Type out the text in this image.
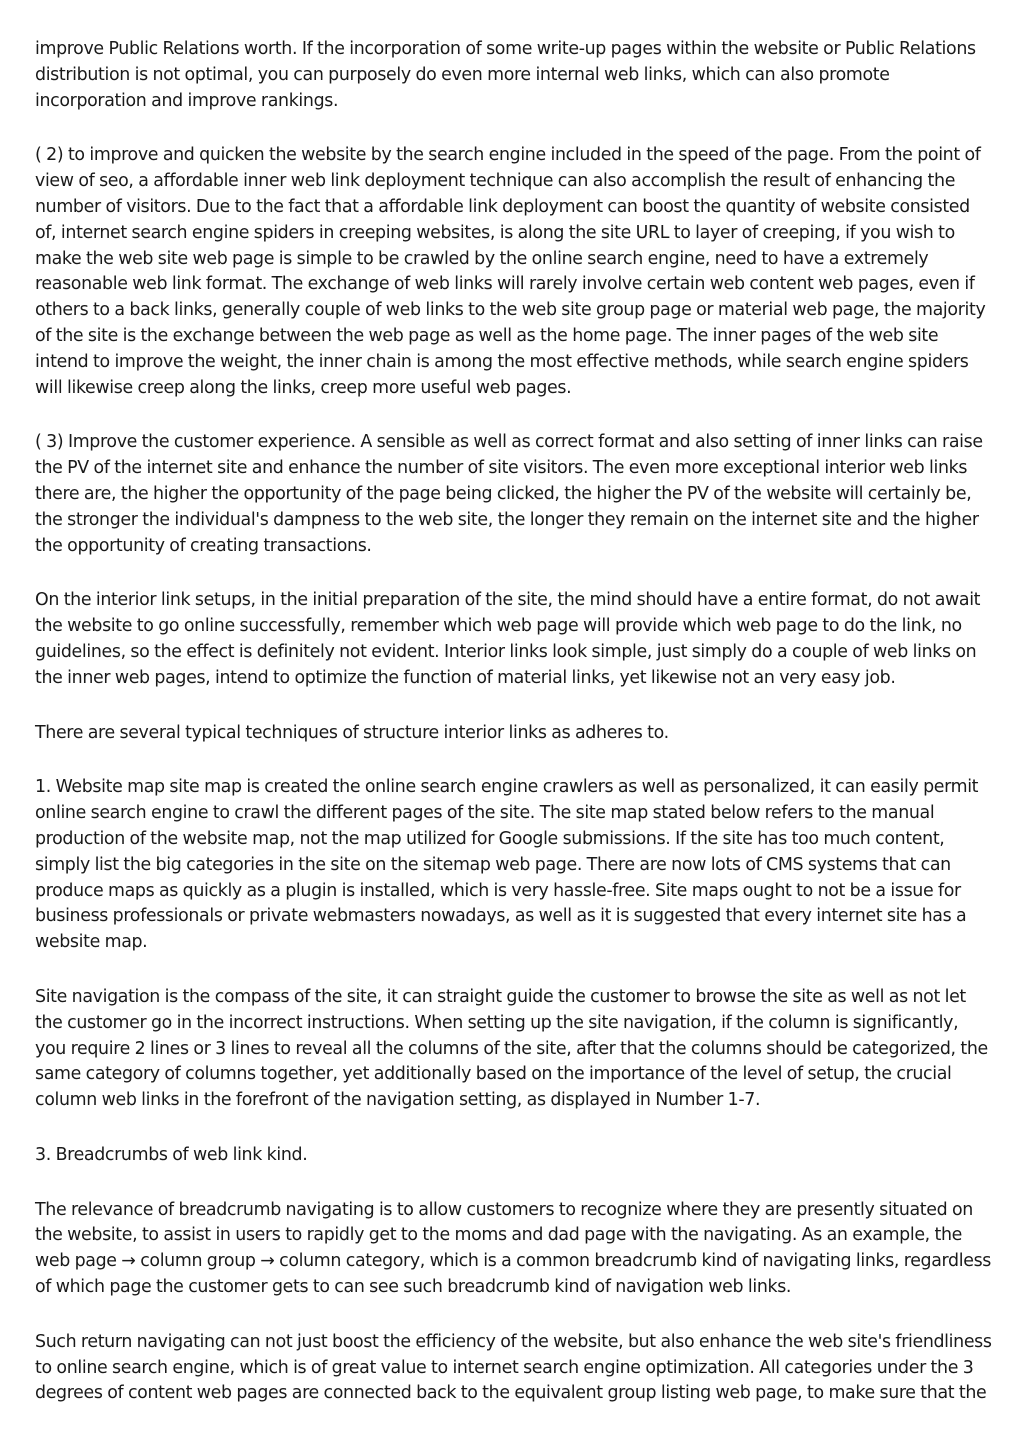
improve Public Relations worth. If the incorporation of some write-up pages within the website or Public Relations distribution is not optimal, you can purposely do even more internal web links, which can also promote incorporation and improve rankings.

( 2) to improve and quicken the website by the search engine included in the speed of the page. From the point of view of seo, a affordable inner web link deployment technique can also accomplish the result of enhancing the number of visitors. Due to the fact that a affordable link deployment can boost the quantity of website consisted of, internet search engine spiders in creeping websites, is along the site URL to layer of creeping, if you wish to make the web site web page is simple to be crawled by the online search engine, need to have a extremely reasonable web link format. The exchange of web links will rarely involve certain web content web pages, even if others to a back links, generally couple of web links to the web site group page or material web page, the majority of the site is the exchange between the web page as well as the home page. The inner pages of the web site intend to improve the weight, the inner chain is among the most effective methods, while search engine spiders will likewise creep along the links, creep more useful web pages.

( 3) Improve the customer experience. A sensible as well as correct format and also setting of inner links can raise the PV of the internet site and enhance the number of site visitors. The even more exceptional interior web links there are, the higher the opportunity of the page being clicked, the higher the PV of the website will certainly be, the stronger the individual's dampness to the web site, the longer they remain on the internet site and the higher the opportunity of creating transactions.

On the interior link setups, in the initial preparation of the site, the mind should have a entire format, do not await the website to go online successfully, remember which web page will provide which web page to do the link, no guidelines, so the effect is definitely not evident. Interior links look simple, just simply do a couple of web links on the inner web pages, intend to optimize the function of material links, yet likewise not an very easy job.

There are several typical techniques of structure interior links as adheres to.

1. Website map site map is created the online search engine crawlers as well as personalized, it can easily permit online search engine to crawl the different pages of the site. The site map stated below refers to the manual production of the website map, not the map utilized for Google submissions. If the site has too much content, simply list the big categories in the site on the sitemap web page. There are now lots of CMS systems that can produce maps as quickly as a plugin is installed, which is very hassle-free. Site maps ought to not be a issue for business professionals or private webmasters nowadays, as well as it is suggested that every internet site has a website map.

Site navigation is the compass of the site, it can straight guide the customer to browse the site as well as not let the customer go in the incorrect instructions. When setting up the site navigation, if the column is significantly, you require 2 lines or 3 lines to reveal all the columns of the site, after that the columns should be categorized, the same category of columns together, yet additionally based on the importance of the level of setup, the crucial column web links in the forefront of the navigation setting, as displayed in Number 1-7.

3. Breadcrumbs of web link kind.

The relevance of breadcrumb navigating is to allow customers to recognize where they are presently situated on the website, to assist in users to rapidly get to the moms and dad page with the navigating. As an example, the web page → column group → column category, which is a common breadcrumb kind of navigating links, regardless of which page the customer gets to can see such breadcrumb kind of navigation web links.

Such return navigating can not just boost the efficiency of the website, but also enhance the web site's friendliness to online search engine, which is of great value to internet search engine optimization. All categories under the 3 degrees of content web pages are connected back to the equivalent group listing web page, to make sure that the
